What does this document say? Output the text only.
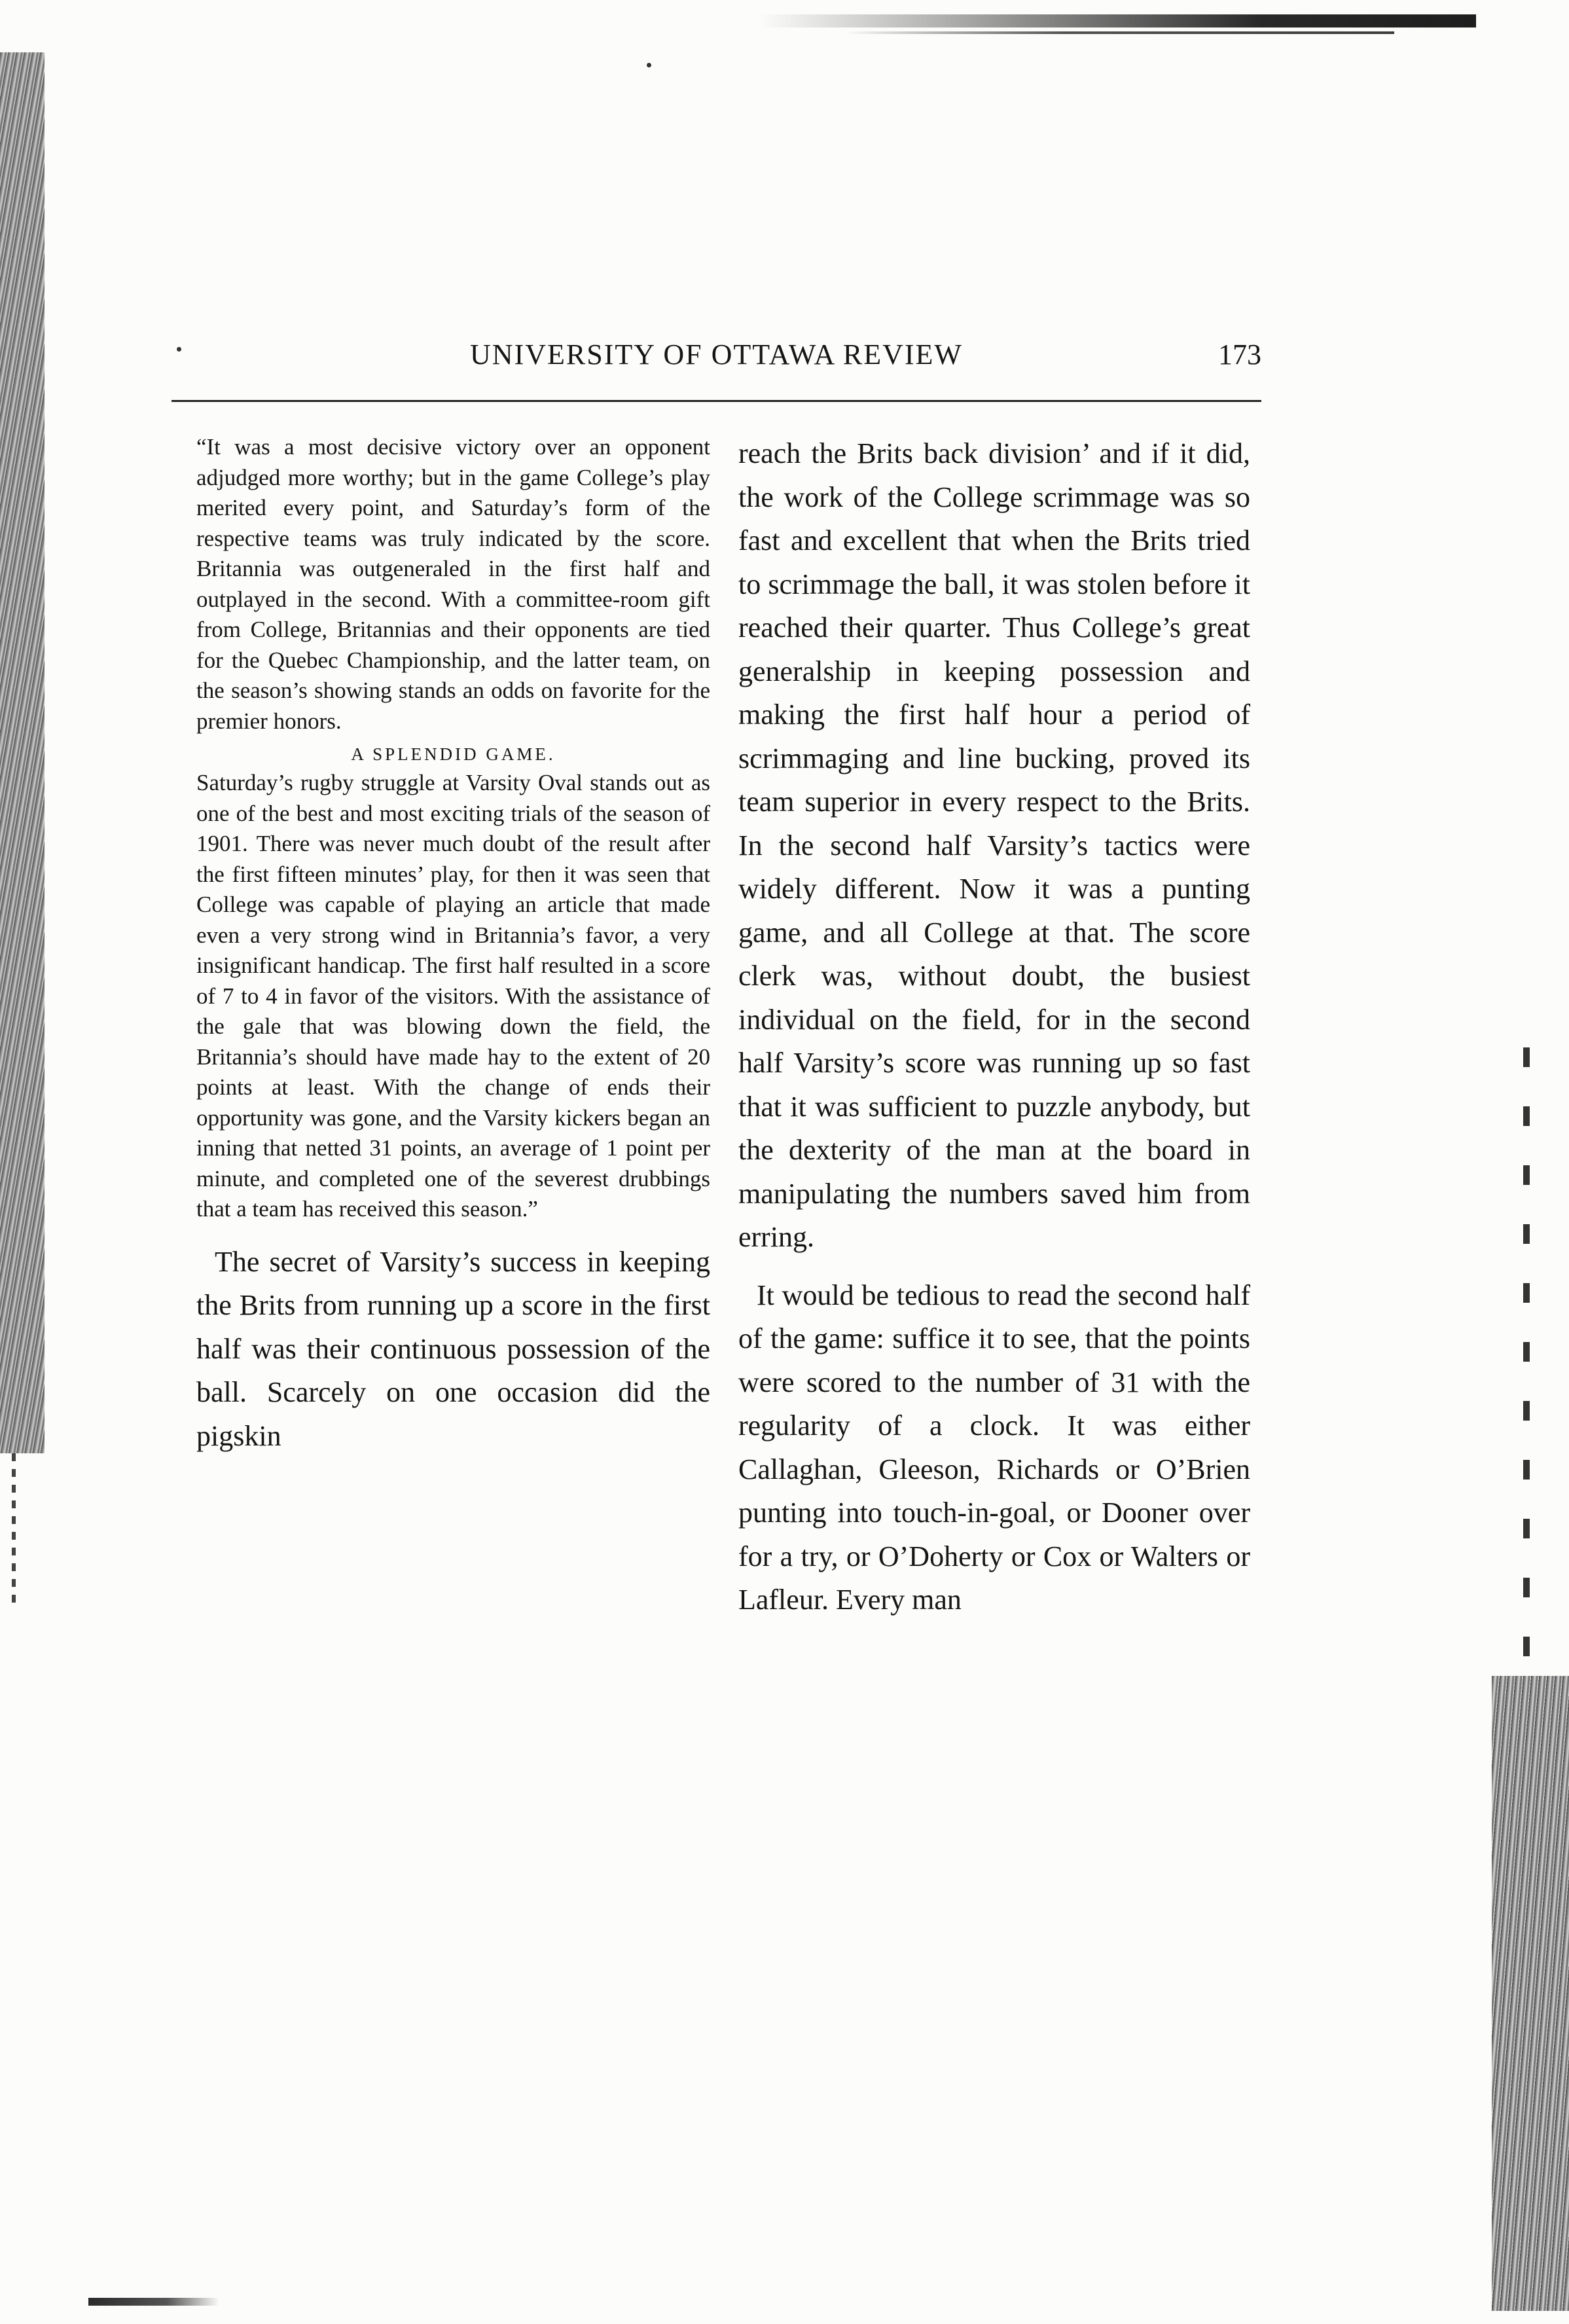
UNIVERSITY OF OTTAWA REVIEW	173

“It was a most decisive victory over an opponent adjudged more worthy; but in the game College’s play merited every point, and Saturday’s form of the respective teams was truly indicated by the score. Britannia was outgeneraled in the first half and outplayed in the second. With a committee-room gift from College, Britannias and their opponents are tied for the Quebec Championship, and the latter team, on the season’s showing stands an odds on favorite for the premier honors.

A SPLENDID GAME.

Saturday’s rugby struggle at Varsity Oval stands out as one of the best and most exciting trials of the season of 1901. There was never much doubt of the result after the first fifteen minutes’ play, for then it was seen that College was capable of playing an article that made even a very strong wind in Britannia’s favor, a very insignificant handicap. The first half resulted in a score of 7 to 4 in favor of the visitors. With the assistance of the gale that was blowing down the field, the Britannia’s should have made hay to the extent of 20 points at least. With the change of ends their opportunity was gone, and the Varsity kickers began an inning that netted 31 points, an average of 1 point per minute, and completed one of the severest drubbings that a team has received this season.”

The secret of Varsity’s success in keeping the Brits from running up a score in the first half was their continuous possession of the ball. Scarcely on one occasion did the pigskin

reach the Brits back division’ and if it did, the work of the College scrimmage was so fast and excellent that when the Brits tried to scrimmage the ball, it was stolen before it reached their quarter. Thus College’s great generalship in keeping possession and making the first half hour a period of scrimmaging and line bucking, proved its team superior in every respect to the Brits. In the second half Varsity’s tactics were widely different. Now it was a punting game, and all College at that. The score clerk was, without doubt, the busiest individual on the field, for in the second half Varsity’s score was running up so fast that it was sufficient to puzzle anybody, but the dexterity of the man at the board in manipulating the numbers saved him from erring.

It would be tedious to read the second half of the game: suffice it to see, that the points were scored to the number of 31 with the regularity of a clock. It was either Callaghan, Gleeson, Richards or O’Brien punting into touch-in-goal, or Dooner over for a try, or O’Doherty or Cox or Walters or Lafleur. Every man
